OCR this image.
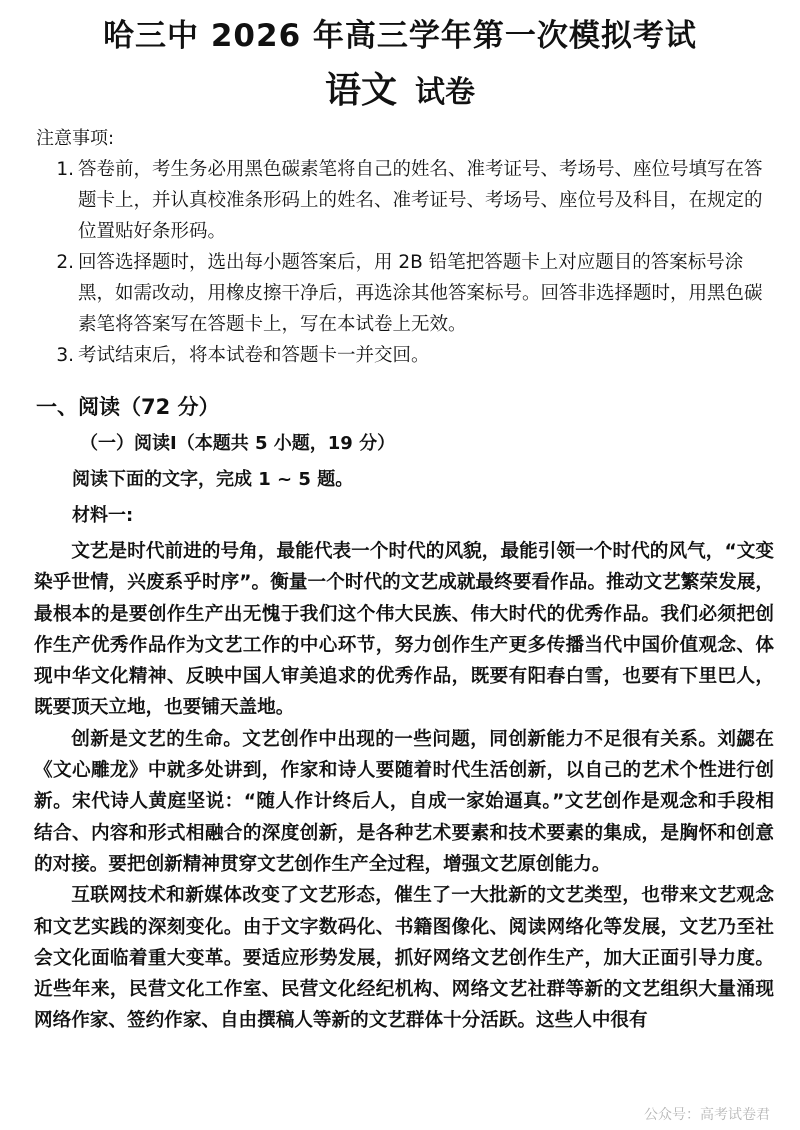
哈三中 2026 年高三学年第一次模拟考试
语文 试卷
注意事项:
1. 答卷前，考生务必用黑色碳素笔将自己的姓名、准考证号、考场号、座位号填写在答题卡上，并认真校准条形码上的姓名、准考证号、考场号、座位号及科目，在规定的位置贴好条形码。
2. 回答选择题时，选出每小题答案后，用 2B 铅笔把答题卡上对应题目的答案标号涂黑，如需改动，用橡皮擦干净后，再选涂其他答案标号。回答非选择题时，用黑色碳素笔将答案写在答题卡上，写在本试卷上无效。
3. 考试结束后，将本试卷和答题卡一并交回。
一、阅读（72 分）
（一）阅读Ⅰ（本题共 5 小题，19 分）
阅读下面的文字，完成 1 ~ 5 题。
材料一:

文艺是时代前进的号角，最能代表一个时代的风貌，最能引领一个时代的风气，“文变染乎世情，兴废系乎时序”。衡量一个时代的文艺成就最终要看作品。推动文艺繁荣发展，最根本的是要创作生产出无愧于我们这个伟大民族、伟大时代的优秀作品。我们必须把创作生产优秀作品作为文艺工作的中心环节，努力创作生产更多传播当代中国价值观念、体现中华文化精神、反映中国人审美追求的优秀作品，既要有阳春白雪，也要有下里巴人，既要顶天立地，也要铺天盖地。

创新是文艺的生命。文艺创作中出现的一些问题，同创新能力不足很有关系。刘勰在《文心雕龙》中就多处讲到，作家和诗人要随着时代生活创新，以自己的艺术个性进行创新。宋代诗人黄庭坚说：“随人作计终后人，自成一家始逼真。”文艺创作是观念和手段相结合、内容和形式相融合的深度创新，是各种艺术要素和技术要素的集成，是胸怀和创意的对接。要把创新精神贯穿文艺创作生产全过程，增强文艺原创能力。

互联网技术和新媒体改变了文艺形态，催生了一大批新的文艺类型，也带来文艺观念和文艺实践的深刻变化。由于文字数码化、书籍图像化、阅读网络化等发展，文艺乃至社会文化面临着重大变革。要适应形势发展，抓好网络文艺创作生产，加大正面引导力度。近些年来，民营文化工作室、民营文化经纪机构、网络文艺社群等新的文艺组织大量涌现　网络作家、签约作家、自由撰稿人等新的文艺群体十分活跃。这些人中很有

公众号：高考试卷君
